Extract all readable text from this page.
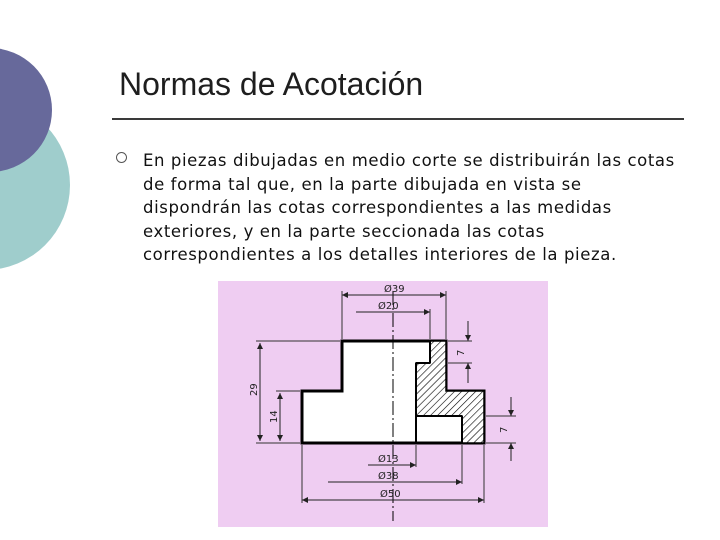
Normas de Acotación
En piezas dibujadas en medio corte se distribuirán las cotas de forma tal que, en la parte dibujada en vista se dispondrán las cotas correspondientes a las medidas exteriores, y en la parte seccionada las cotas correspondientes a los detalles interiores de la pieza.
Ø39
Ø20
7
7
29
14
Ø13
Ø38
Ø50
